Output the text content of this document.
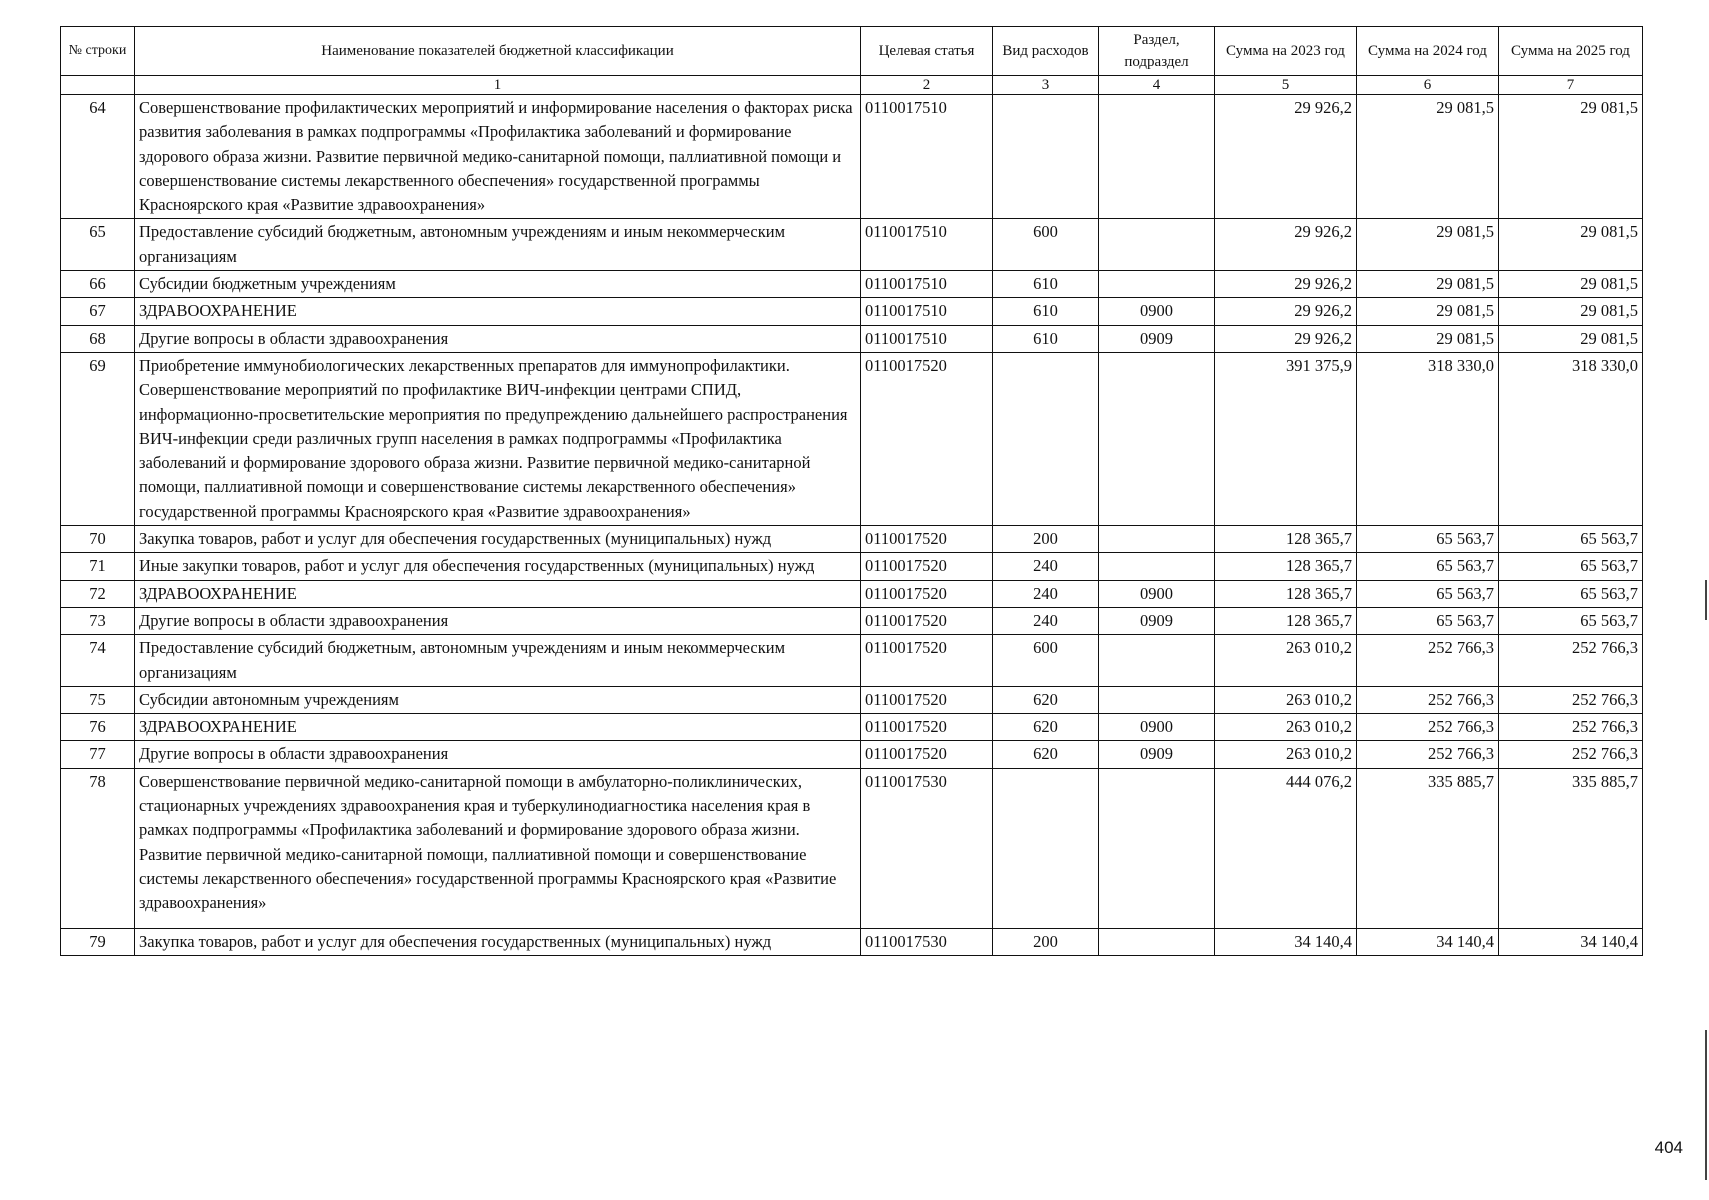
№ строки	Наименование показателей бюджетной классификации	Целевая статья	Вид расходов	Раздел, подраздел	Сумма на 2023 год	Сумма на 2024 год	Сумма на 2025 год
	1	2	3	4	5	6	7
64	Совершенствование профилактических мероприятий и информирование населения о факторах риска развития заболевания в рамках подпрограммы «Профилактика заболеваний и формирование здорового образа жизни. Развитие первичной медико-санитарной помощи, паллиативной помощи и совершенствование системы лекарственного обеспечения» государственной программы Красноярского края «Развитие здравоохранения»	0110017510			29 926,2	29 081,5	29 081,5
65	Предоставление субсидий бюджетным, автономным учреждениям и иным некоммерческим организациям	0110017510	600		29 926,2	29 081,5	29 081,5
66	Субсидии бюджетным учреждениям	0110017510	610		29 926,2	29 081,5	29 081,5
67	ЗДРАВООХРАНЕНИЕ	0110017510	610	0900	29 926,2	29 081,5	29 081,5
68	Другие вопросы в области здравоохранения	0110017510	610	0909	29 926,2	29 081,5	29 081,5
69	Приобретение иммунобиологических лекарственных препаратов для иммунопрофилактики. Совершенствование мероприятий по профилактике ВИЧ-инфекции центрами СПИД, информационно-просветительские мероприятия по предупреждению дальнейшего распространения ВИЧ-инфекции среди различных групп населения в рамках подпрограммы «Профилактика заболеваний и формирование здорового образа жизни. Развитие первичной медико-санитарной помощи, паллиативной помощи и совершенствование системы лекарственного обеспечения» государственной программы Красноярского края «Развитие здравоохранения»	0110017520			391 375,9	318 330,0	318 330,0
70	Закупка товаров, работ и услуг для обеспечения государственных (муниципальных) нужд	0110017520	200		128 365,7	65 563,7	65 563,7
71	Иные закупки товаров, работ и услуг для обеспечения государственных (муниципальных) нужд	0110017520	240		128 365,7	65 563,7	65 563,7
72	ЗДРАВООХРАНЕНИЕ	0110017520	240	0900	128 365,7	65 563,7	65 563,7
73	Другие вопросы в области здравоохранения	0110017520	240	0909	128 365,7	65 563,7	65 563,7
74	Предоставление субсидий бюджетным, автономным учреждениям и иным некоммерческим организациям	0110017520	600		263 010,2	252 766,3	252 766,3
75	Субсидии автономным учреждениям	0110017520	620		263 010,2	252 766,3	252 766,3
76	ЗДРАВООХРАНЕНИЕ	0110017520	620	0900	263 010,2	252 766,3	252 766,3
77	Другие вопросы в области здравоохранения	0110017520	620	0909	263 010,2	252 766,3	252 766,3
78	Совершенствование первичной медико-санитарной помощи в амбулаторно-поликлинических, стационарных учреждениях здравоохранения края и туберкулинодиагностика населения края в рамках подпрограммы «Профилактика заболеваний и формирование здорового образа жизни. Развитие первичной медико-санитарной помощи, паллиативной помощи и совершенствование системы лекарственного обеспечения» государственной программы Красноярского края «Развитие здравоохранения»	0110017530			444 076,2	335 885,7	335 885,7
79	Закупка товаров, работ и услуг для обеспечения государственных (муниципальных) нужд	0110017530	200		34 140,4	34 140,4	34 140,4
404
